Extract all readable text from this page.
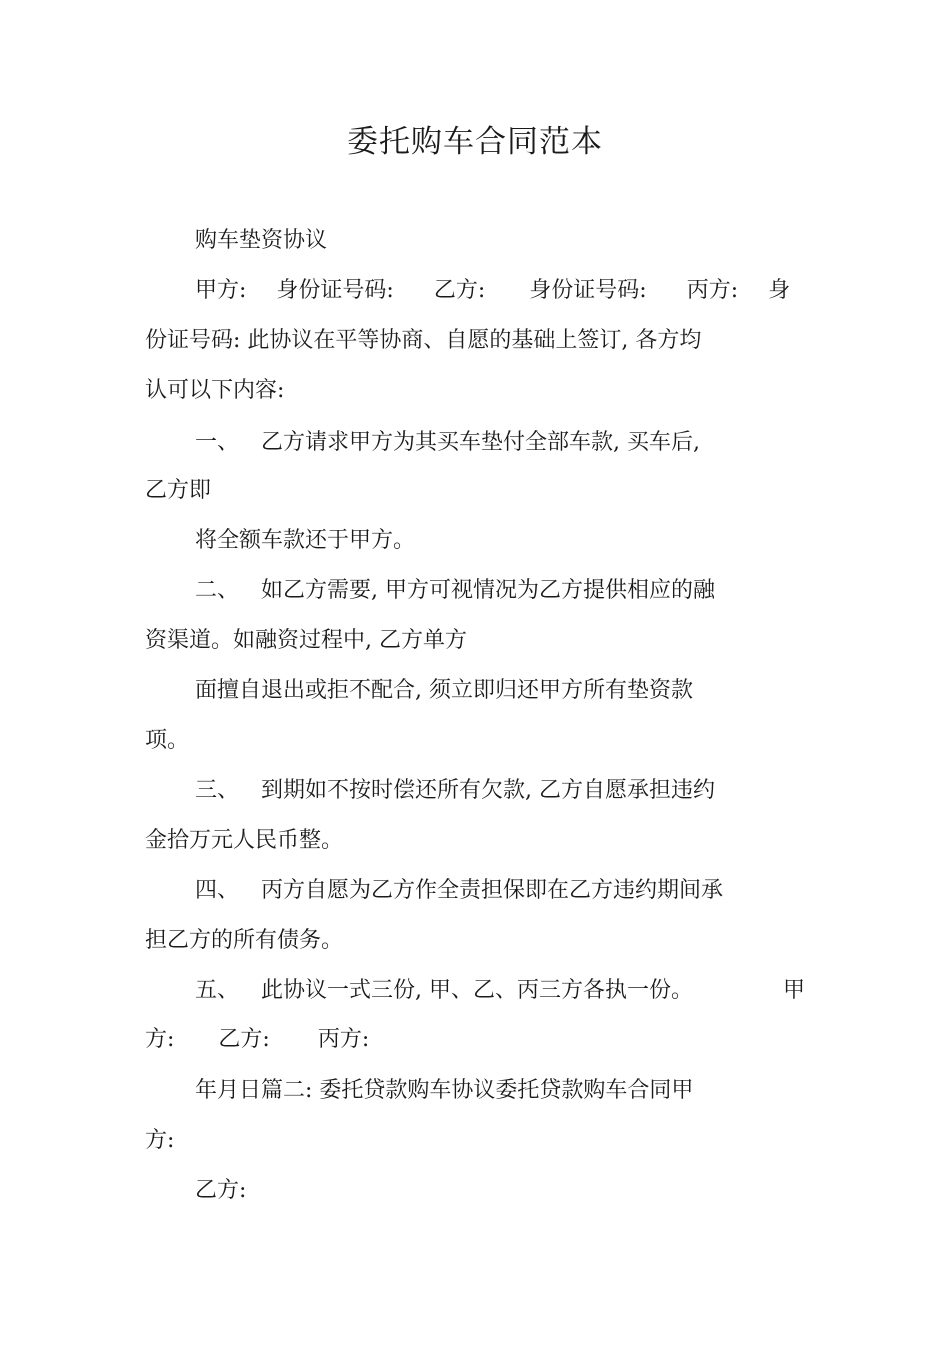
委托购车合同范本
购车垫资协议
甲方: 身份证号码: 乙方: 身份证号码: 丙方: 身
份证号码: 此协议在平等协商、自愿的基础上签订, 各方均
认可以下内容:
一、 乙方请求甲方为其买车垫付全部车款, 买车后,
乙方即
将全额车款还于甲方。
二、 如乙方需要, 甲方可视情况为乙方提供相应的融
资渠道。如融资过程中, 乙方单方
面擅自退出或拒不配合, 须立即归还甲方所有垫资款
项。
三、 到期如不按时偿还所有欠款, 乙方自愿承担违约
金拾万元人民币整。
四、 丙方自愿为乙方作全责担保即在乙方违约期间承
担乙方的所有债务。
五、 此协议一式三份, 甲、乙、丙三方各执一份。	甲
方: 乙方: 丙方:
年月日篇二: 委托贷款购车协议委托贷款购车合同甲
方:
乙方:
